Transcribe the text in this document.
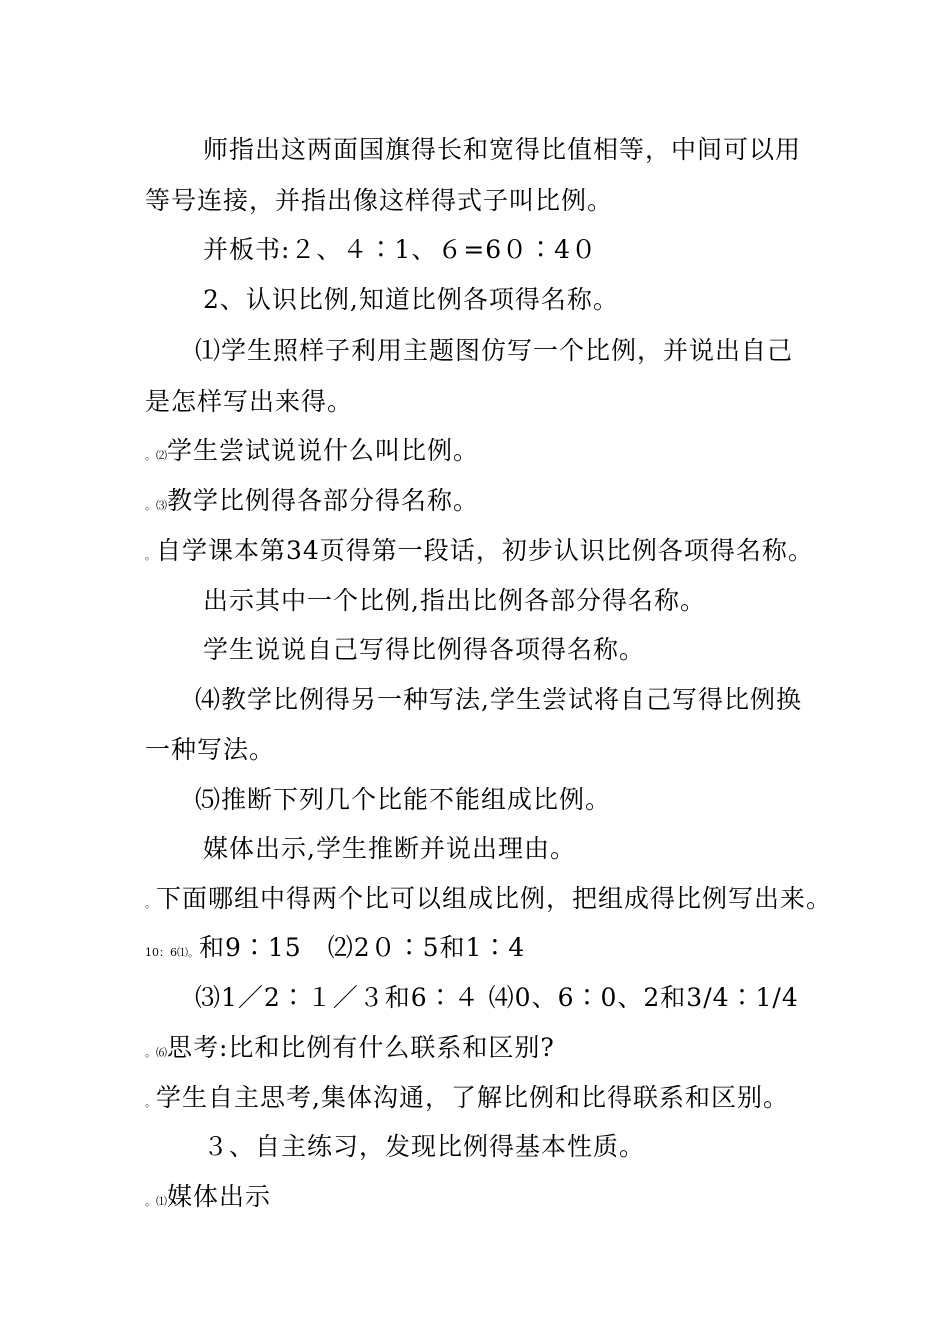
师指出这两面国旗得长和宽得比值相等，中间可以用
等号连接，并指出像这样得式子叫比例。
并板书:２、４∶1、６=6０∶4０
2、认识比例,知道比例各项得名称。
⑴学生照样子利用主题图仿写一个比例，并说出自己
是怎样写出来得。
。⑵学生尝试说说什么叫比例。
。⑶教学比例得各部分得名称。
。自学课本第34页得第一段话，初步认识比例各项得名称。
出示其中一个比例,指出比例各部分得名称。
学生说说自己写得比例得各项得名称。
⑷教学比例得另一种写法,学生尝试将自己写得比例换
一种写法。
⑸推断下列几个比能不能组成比例。
媒体出示,学生推断并说出理由。
。下面哪组中得两个比可以组成比例，把组成得比例写出来。
10：6⑴。和9∶15　⑵2０∶5和1∶4
⑶1／2∶１／３和6∶４ ⑷0、6∶0、2和3/4∶1/4
。⑹思考:比和比例有什么联系和区别?
。学生自主思考,集体沟通，了解比例和比得联系和区别。
３、自主练习，发现比例得基本性质。
。⑴媒体出示
